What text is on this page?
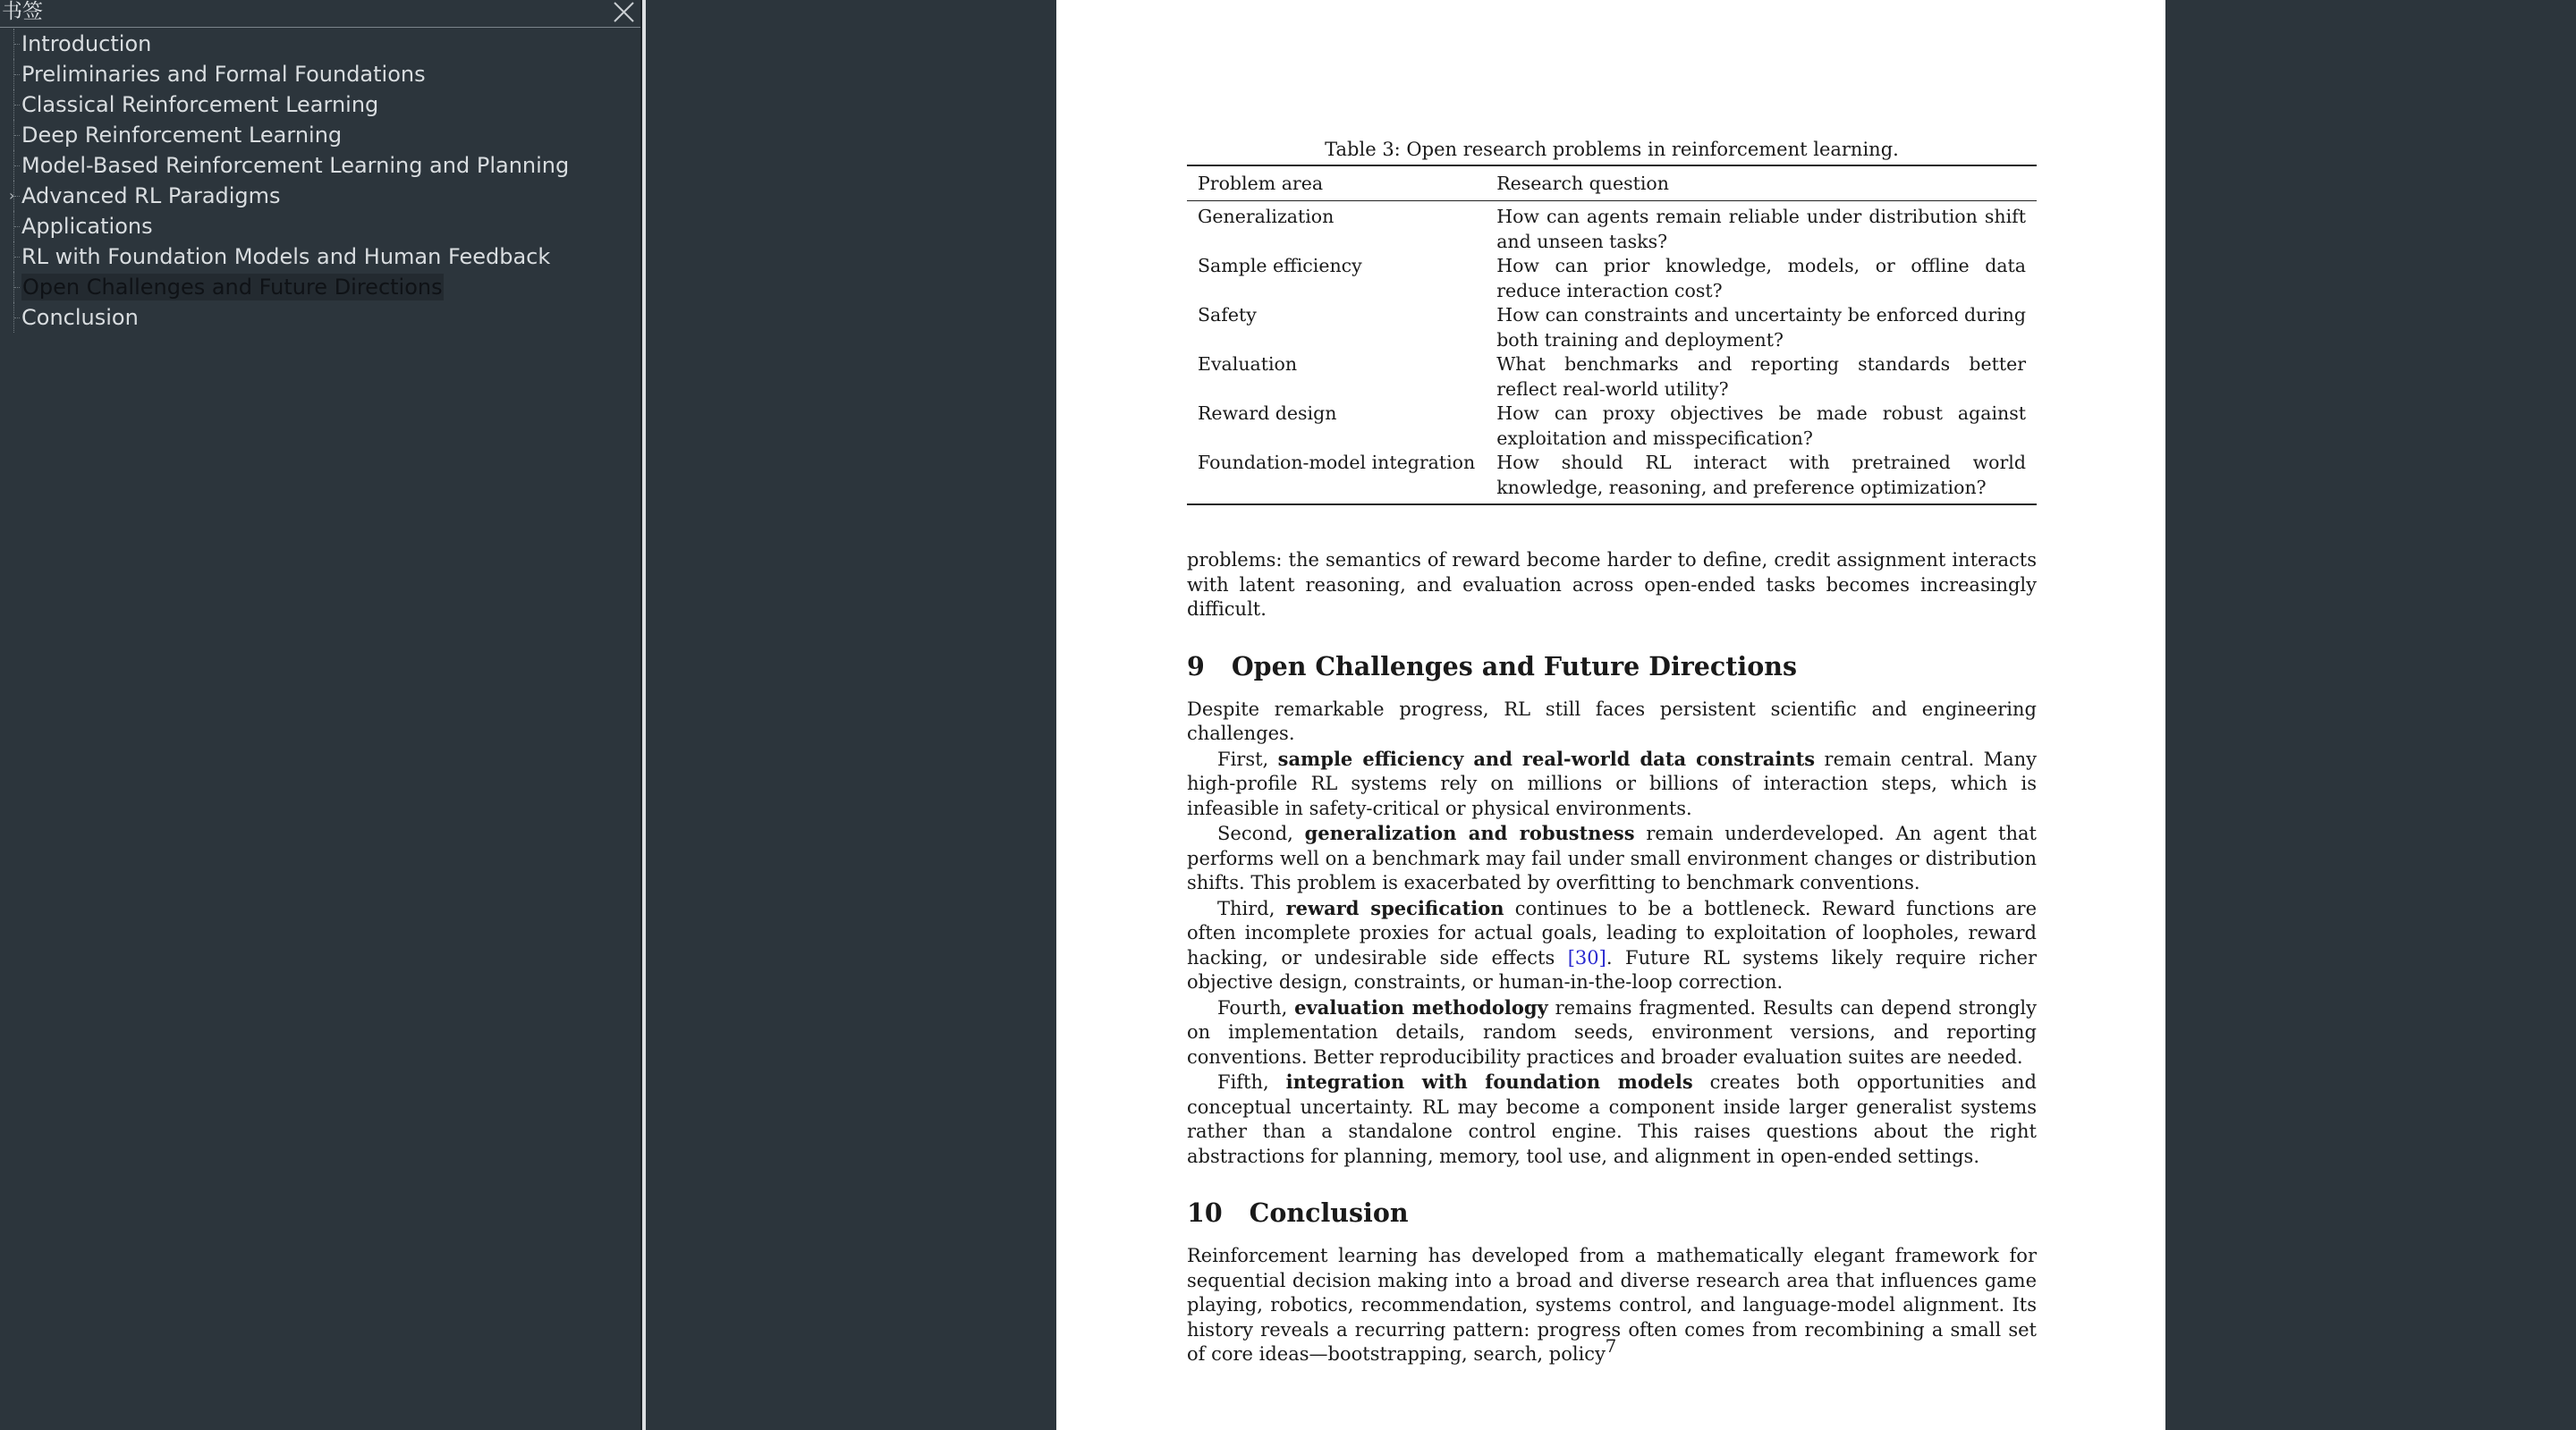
书签
Introduction
Preliminaries and Formal Foundations
Classical Reinforcement Learning
Deep Reinforcement Learning
Model-Based Reinforcement Learning and Planning
› Advanced RL Paradigms
Applications
RL with Foundation Models and Human Feedback
Open Challenges and Future Directions
Conclusion

Table 3: Open research problems in reinforcement learning.

Problem area	Research question
Generalization	How can agents remain reliable under distribution shift and unseen tasks?
Sample efficiency	How can prior knowledge, models, or offline data reduce interaction cost?
Safety	How can constraints and uncertainty be enforced during both training and deployment?
Evaluation	What benchmarks and reporting standards better reflect real-world utility?
Reward design	How can proxy objectives be made robust against exploitation and misspecification?
Foundation-model integration	How should RL interact with pretrained world knowledge, reasoning, and preference optimization?

problems: the semantics of reward become harder to define, credit assignment interacts with latent reasoning, and evaluation across open-ended tasks becomes increasingly difficult.

9 Open Challenges and Future Directions

Despite remarkable progress, RL still faces persistent scientific and engineering challenges.

First, sample efficiency and real-world data constraints remain central. Many high-profile RL systems rely on millions or billions of interaction steps, which is infeasible in safety-critical or physical environments.

Second, generalization and robustness remain underdeveloped. An agent that performs well on a benchmark may fail under small environment changes or distribution shifts. This problem is exacerbated by overfitting to benchmark conventions.

Third, reward specification continues to be a bottleneck. Reward functions are often incomplete proxies for actual goals, leading to exploitation of loopholes, reward hacking, or undesirable side effects [30]. Future RL systems likely require richer objective design, constraints, or human-in-the-loop correction.

Fourth, evaluation methodology remains fragmented. Results can depend strongly on implementation details, random seeds, environment versions, and reporting conventions. Better reproducibility practices and broader evaluation suites are needed.

Fifth, integration with foundation models creates both opportunities and conceptual uncertainty. RL may become a component inside larger generalist systems rather than a standalone control engine. This raises questions about the right abstractions for planning, memory, tool use, and alignment in open-ended settings.

10 Conclusion

Reinforcement learning has developed from a mathematically elegant framework for sequential decision making into a broad and diverse research area that influences game playing, robotics, recommendation, systems control, and language-model alignment. Its history reveals a recurring pattern: progress often comes from recombining a small set of core ideas—bootstrapping, search, policy 7
